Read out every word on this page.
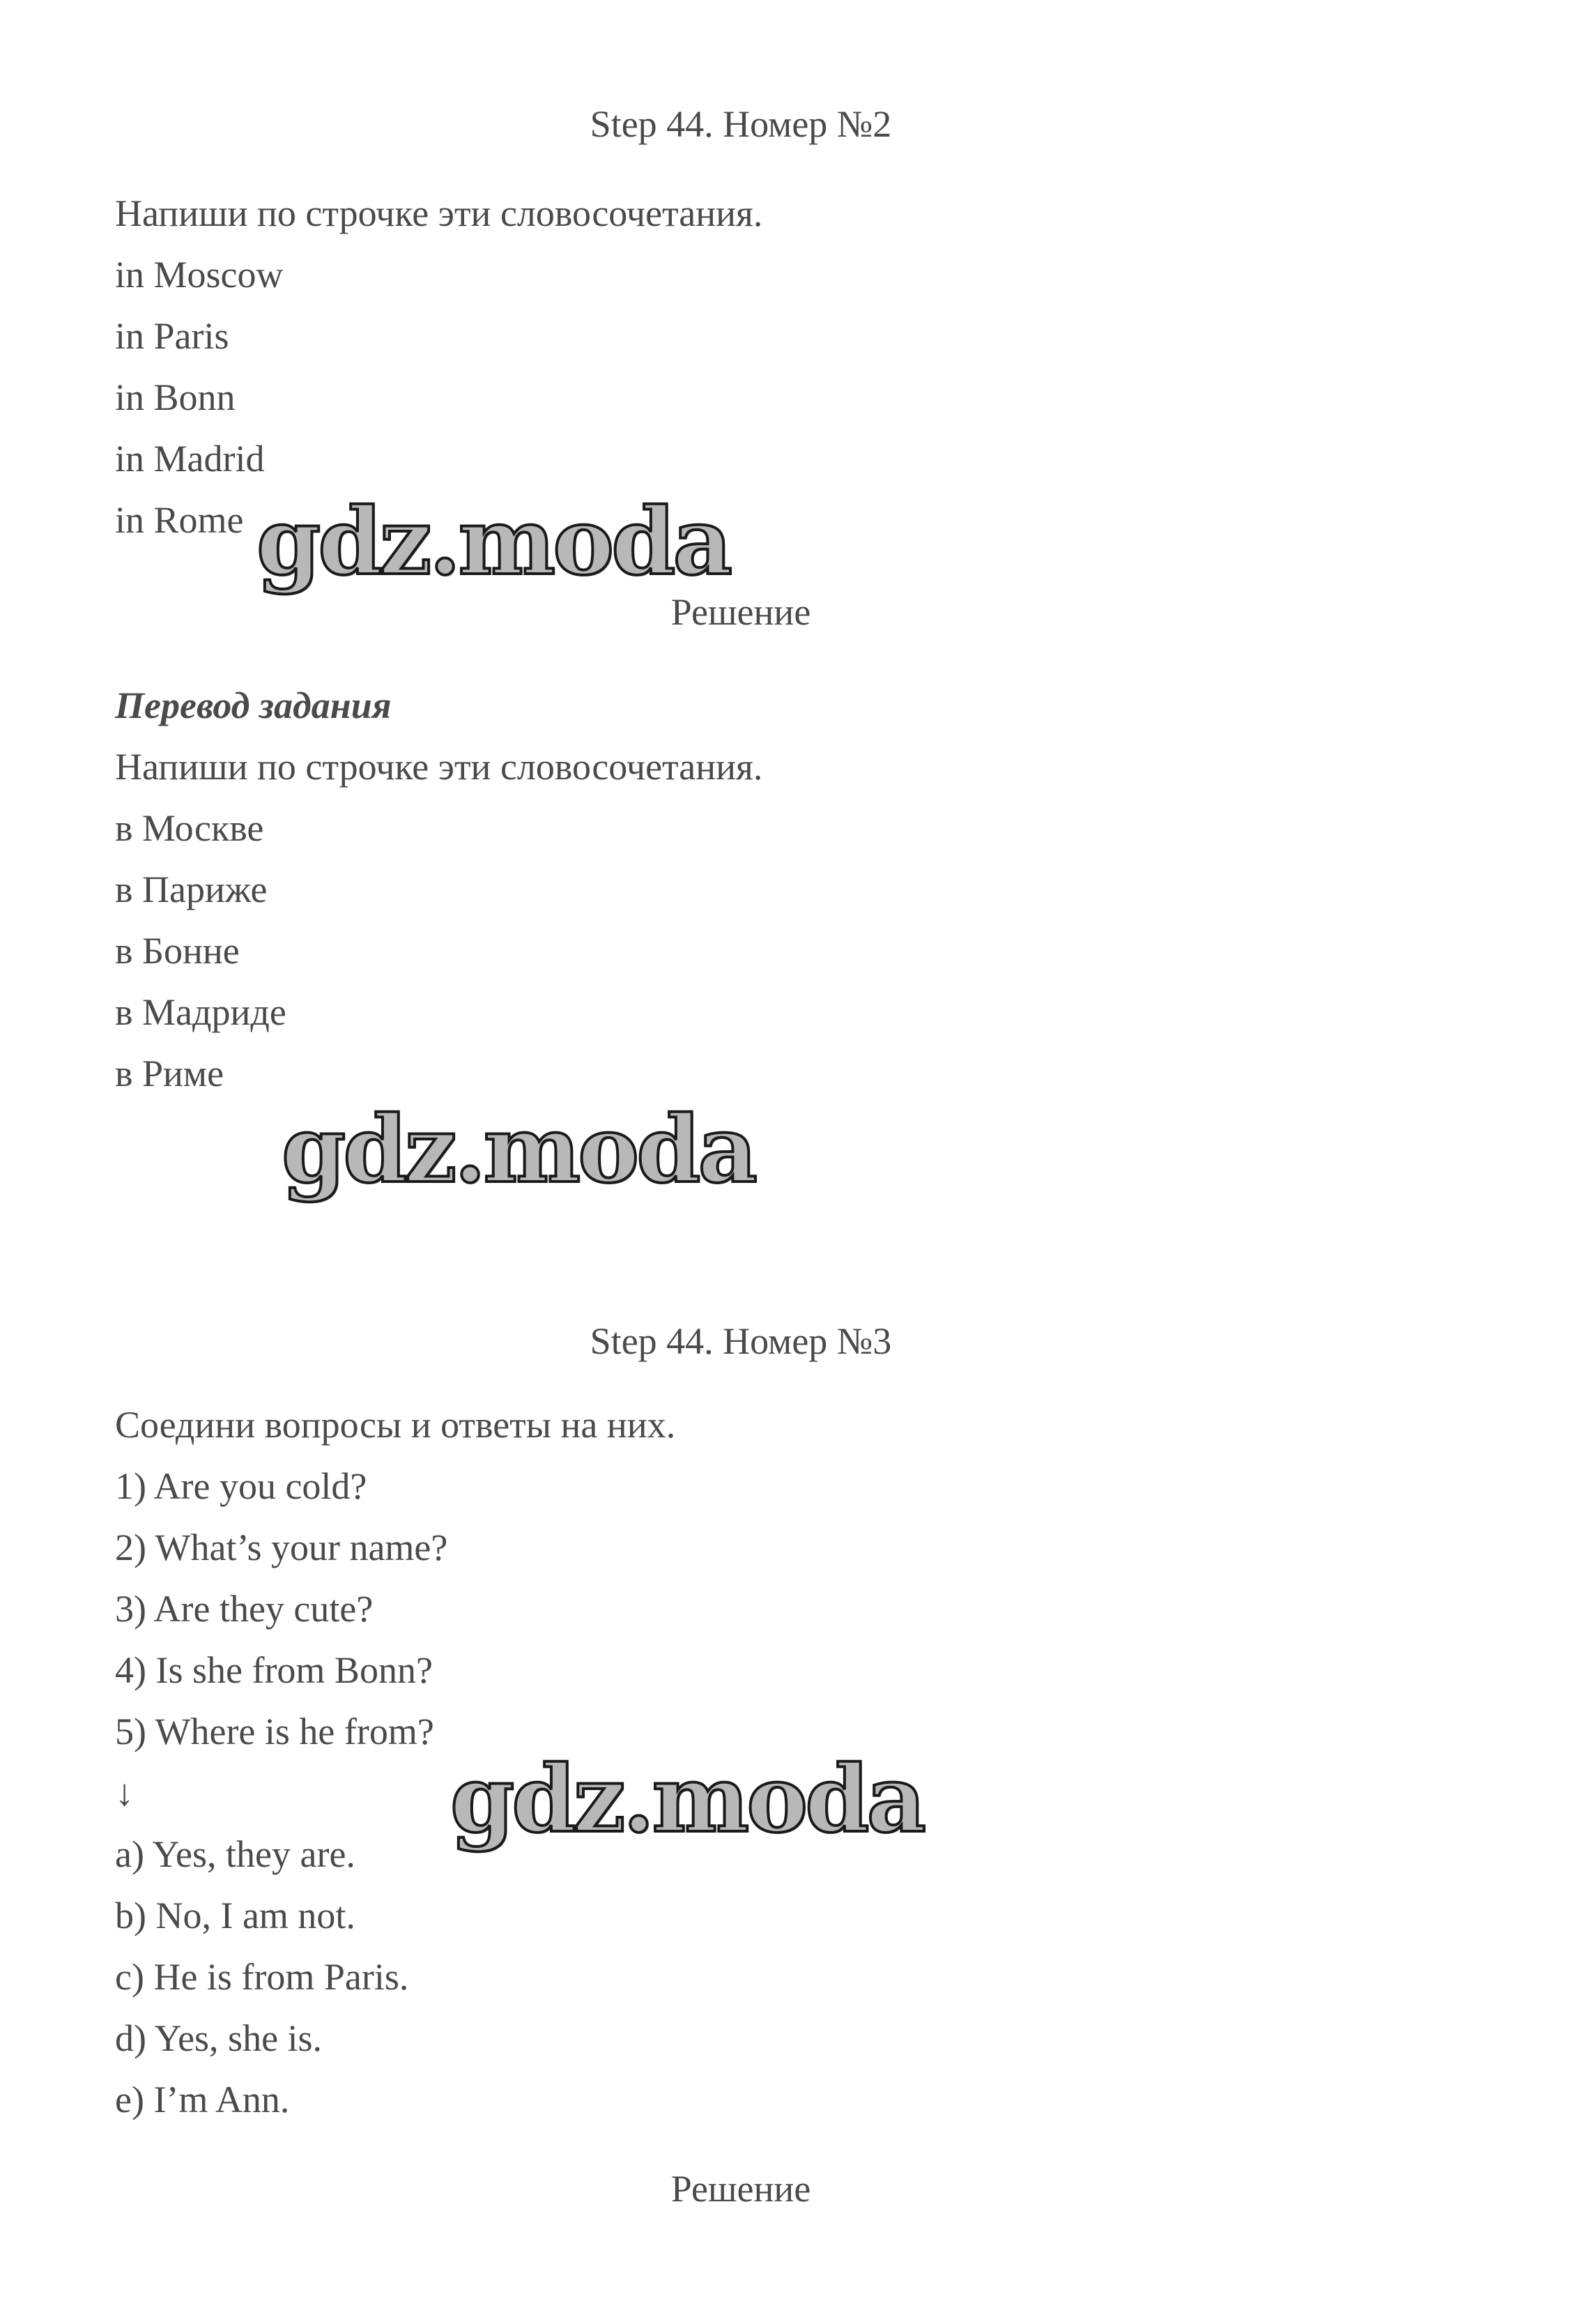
Step 44. Номер №2
Напиши по строчке эти словосочетания.
in Moscow
in Paris
in Bonn
in Madrid
in Rome gdz.moda
Решение
Перевод задания
Напиши по строчке эти словосочетания.
в Москве
в Париже
в Бонне
в Мадриде
в Риме
gdz.moda
Step 44. Номер №3
Соедини вопросы и ответы на них.
1) Are you cold?
2) What’s your name?
3) Are they cute?
4) Is she from Bonn?
5) Where is he from?
↓	gdz.moda
a) Yes, they are.
b) No, I am not.
c) He is from Paris.
d) Yes, she is.
e) I’m Ann.
Решение
